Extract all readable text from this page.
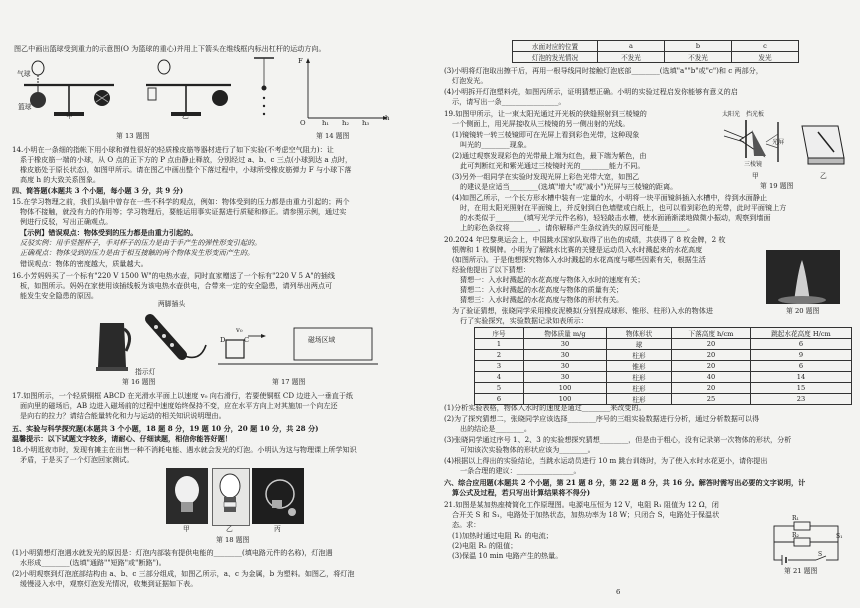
图乙中画出篮球受到重力的示意图(O 为篮球的重心)并用上下箭头在维线框内标出杠杆的运动方向。
气球
篮球
甲	乙
F
O
h
h₁ h₂ h₃
第 13 题图	第 14 题图
14.小明在一条细的指帐下用小球和弹性很好的轻质橡皮筋等器材进行了如下实验(不考虑空气阻力)：让
系于橡皮筋一端的小球，从 O 点的正下方的 P 点由静止释放，分别经过 a、b、c 三点(小球到达 a 点时，
橡皮筋处于原长状态)，如图甲所示。请在图乙中画出整个下落过程中，小球所受橡皮筋弹力 F 与小球下落
高度 h 的大致关系图象。
四、简答题(本题共 3 个小题，每小题 3 分，共 9 分)
15.在学习物理之前，我们头脑中曾存在一些不科学的观点，例如：物体受到的压力都是由重力引起的；两个
物体不接触，就没有力的作用等；学习物理后，要能运用事实证据进行质疑和修正。请参照示例，通过实
例进行反驳，写出正确观点。
【示例】错误观点：物体受到的压力都是由重力引起的。
反驳实例：用手竖握杯子，手对杯子的压力是由于手产生的弹性形变引起的。
正确观点：物体受到的压力是由于相互接触的两个物体发生形变而产生的。
错误观点：物体的密度越大，质量越大。
16.小芳妈妈买了一个标有"220 V 1500 W"的电热水壶，同时直家赠送了一个标有"220 V 5 A"的插线
板，如图所示。妈妈在家使用该插线板为该电热水壶供电，合带来一定的安全隐患，请列举出两点可
能发生安全隐患的原因。
两脚插头
指示灯
v₀
D	C	磁场区域
第 16 题图	第 17 题图
17.如图所示，一个轻质铜框 ABCD 在光滑水平面上以速度 v₀ 向右滑行，若要使铜框 CD 边进入一垂直于纸
面向里的磁场后，AB 边进入磁场前的过程中速度始终保持不变，应在水平方向上对其施加一个向左还
是向右的拉力？请结合能量转化和力与运动的相关知识说明理由。
五、实验与科学探究题(本题共 3 个小题，18 题 8 分，19 题 10 分，20 题 10 分，共 28 分)
温馨提示：以下试题文字较多，请耐心、仔细读题，相信你能答好题！
18.小明逛夜市时，发现有摊主在出售一种不消耗电能、遇水就会发光的灯泡。小明认为这与物理课上所学知识
矛盾，于是买了一个灯泡回家测试。
甲	乙	丙
第 18 题图
(1)小明猜想灯泡遇水就发光的原因是：灯泡内部装有提供电能的________(填电路元件的名称)，灯泡遇
水形成________(选填"通路""短路"或"断路")。
(2)小明观察到灯泡底部结构由 a、b、c 三部分组成，如图乙所示，a、c 为金属，b 为塑料。如图乙，将灯泡
缓慢浸入水中，观察灯泡发光情况，收集到证据如下表。
水面对应的位置	a	b	c
灯泡的发光情况	不发光	不发光	发光
(3)小明将灯泡取出擦干后，再用一根导线同时接触灯泡底部________(选填"a""b"或"c")和 c 两部分，
灯泡发光。
(4)小明拆开灯泡塑料壳，如图丙所示，证明猜想正确。小明的实验过程启发你能够有意义的启
示，请写出一条________________。
19.如图甲所示，让一束太阳光通过开光板的狭缝照射到三棱镜的
一个侧面上，用光屏接收从三棱镜的另一侧出射的光线。
(1)镜镜转一转三棱镜即可在光屏上看到彩色光带，这种现象
叫光的________现象。
(2)通过观察发现彩色的光带最上端为红色，最下端为紫色，由
此可判断红光和紫光通过三棱镜时光的________能力不同。
(3)另外一组同学在实验时发现光屏上彩色光带大宽，如图乙
的建议是应适当________(选填"增大"或"减小")光屏与三棱镜的距离。
(4)如图乙所示，一个长方形水槽中装有一定量的水，小明将一块平面镜斜插入水槽中，待到水面静止
时，在用太阳光照射在平面镜上，并反射到白色墙壁或白纸上，也可以看到彩色的光带，此时平面镜上方
的水类似于________(填写光学元件名称)，轻轻敲击水槽，使水面涌渐漾地做微小振动，观察到墙面
上的彩色条纹将________，请你解释产生条纹消失的原因可能是________。
太阳光 挡光板
光屏
三棱镜
甲	乙
第 19 题图
20.2024 年巴黎奥运会上，中国跳水国家队取得了出色的成绩，共获得了 8 枚金牌，2 枚
银牌和 1 枚铜牌。小明为了解跳水比赛的关键是运动员入水时溅起来的水花高度
(如图所示)。于是他想探究物体入水时溅起的水花高度与哪些因素有关，根据生活
经验他提出了以下猜想：
猜想一：入水时溅起的水花高度与物体入水时的速度有关；
猜想二：入水时溅起的水花高度与物体的质量有关；
猜想三：入水时溅起的水花高度与物体的形状有关。
为了验证猜想，张晓同学采用橡皮泥模拟(分别捏成球形、锥形、柱形)入水的物体进
行了实验探究，实验数据记录如表所示：
第 20 题图
序号	物体质量 m/g	物体形状	下落高度 h/cm	跳起水花高度 H/cm
1	30	球	20	6
2	30	柱形	20	9
3	30	锥形	20	6
4	30	柱形	40	14
5	100	柱形	20	15
6	100	柱形	25	23
(1)分析实验表格，物体入水时的速度是通过________来改变的。
(2)为了探究猜想二，张晓同学应该选择________序号的三组实验数据进行分析，通过分析数据可以得
出的结论是________。
(3)张晓同学通过序号 1、2、3 的实验想探究猜想________，但是由于粗心，没有记录第一次物体的形状，分析
可知该次实验物体的形状应该为________。
(4)根据以上得出的实验结论，当跳水运动员进行 10 m 跳台训练时，为了使入水时水花更小，请你提出
一条合理的建议：________________。
六、综合应用题(本题共 2 个小题，第 21 题 8 分，第 22 题 8 分，共 16 分。解答时需写出必要的文字说明，计
算公式及过程，若只写出计算结果将不得分)
21.如图是某加热座椅简化工作原理图。电源电压恒为 12 V，电阻 R₁ 阻值为 12 Ω，闭
合开关 S 和 S₁，电路处于加热状态，加热功率为 18 W；只闭合 S，电路处于保温状
态。求：
(1)加热时通过电阻 R₁ 的电流；
(2)电阻 R₂ 的阻值；
(3)保温 10 min 电路产生的热量。
R₁
R₂
S
S₁
第 21 题图
6
